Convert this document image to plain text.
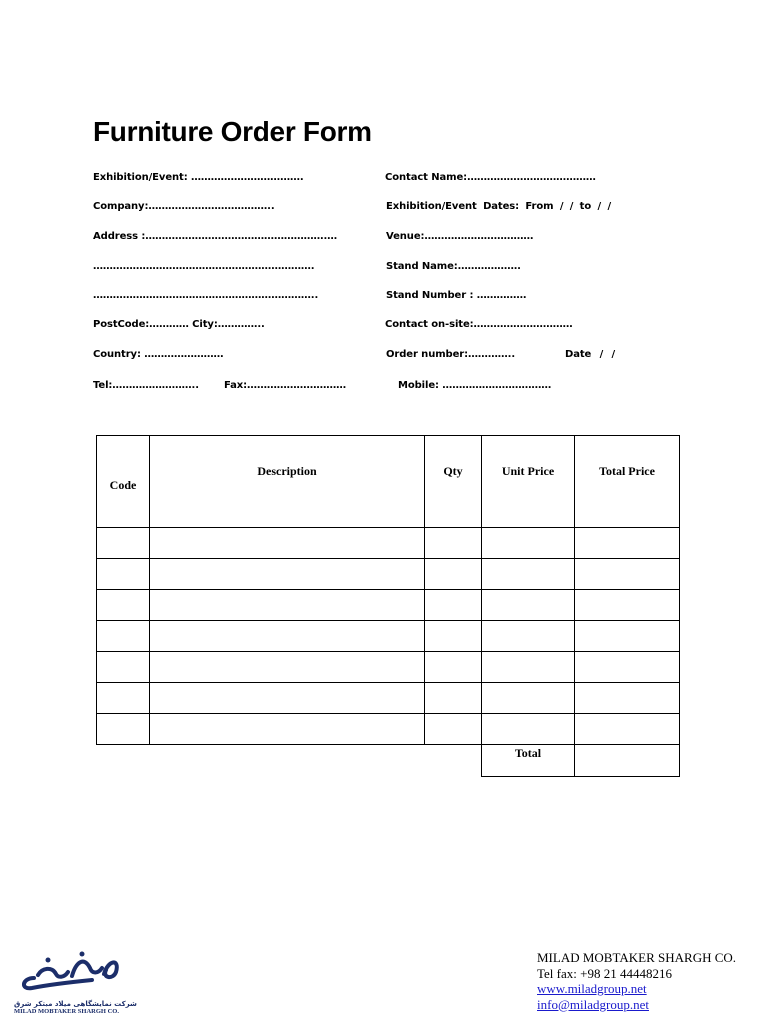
Furniture Order Form
Exhibition/Event: …………………………….
Company:………………………………..
Address :……………………………………………….…
………………………………………………………….
…………………………………………………………..
PostCode:………… City:…………..
Country: ……………………
Tel:……………………..	Fax:…………………………
Contact Name:…………………………………
Exhibition/Event Dates: From / / to / /
Venue:……………………………
Stand Name:……………….
Stand Number : ……………
Contact on-site:…………………………
Order number:…………..	Date / /
Mobile: ……………………………
Code	Description	Qty	Unit Price	Total Price

			Total	
شرکت نمایشگاهی میلاد مبتکر شرق
MILAD MOBTAKER SHARGH CO.
MILAD MOBTAKER SHARGH CO.
Tel fax: +98 21 44448216
www.miladgroup.net
info@miladgroup.net
